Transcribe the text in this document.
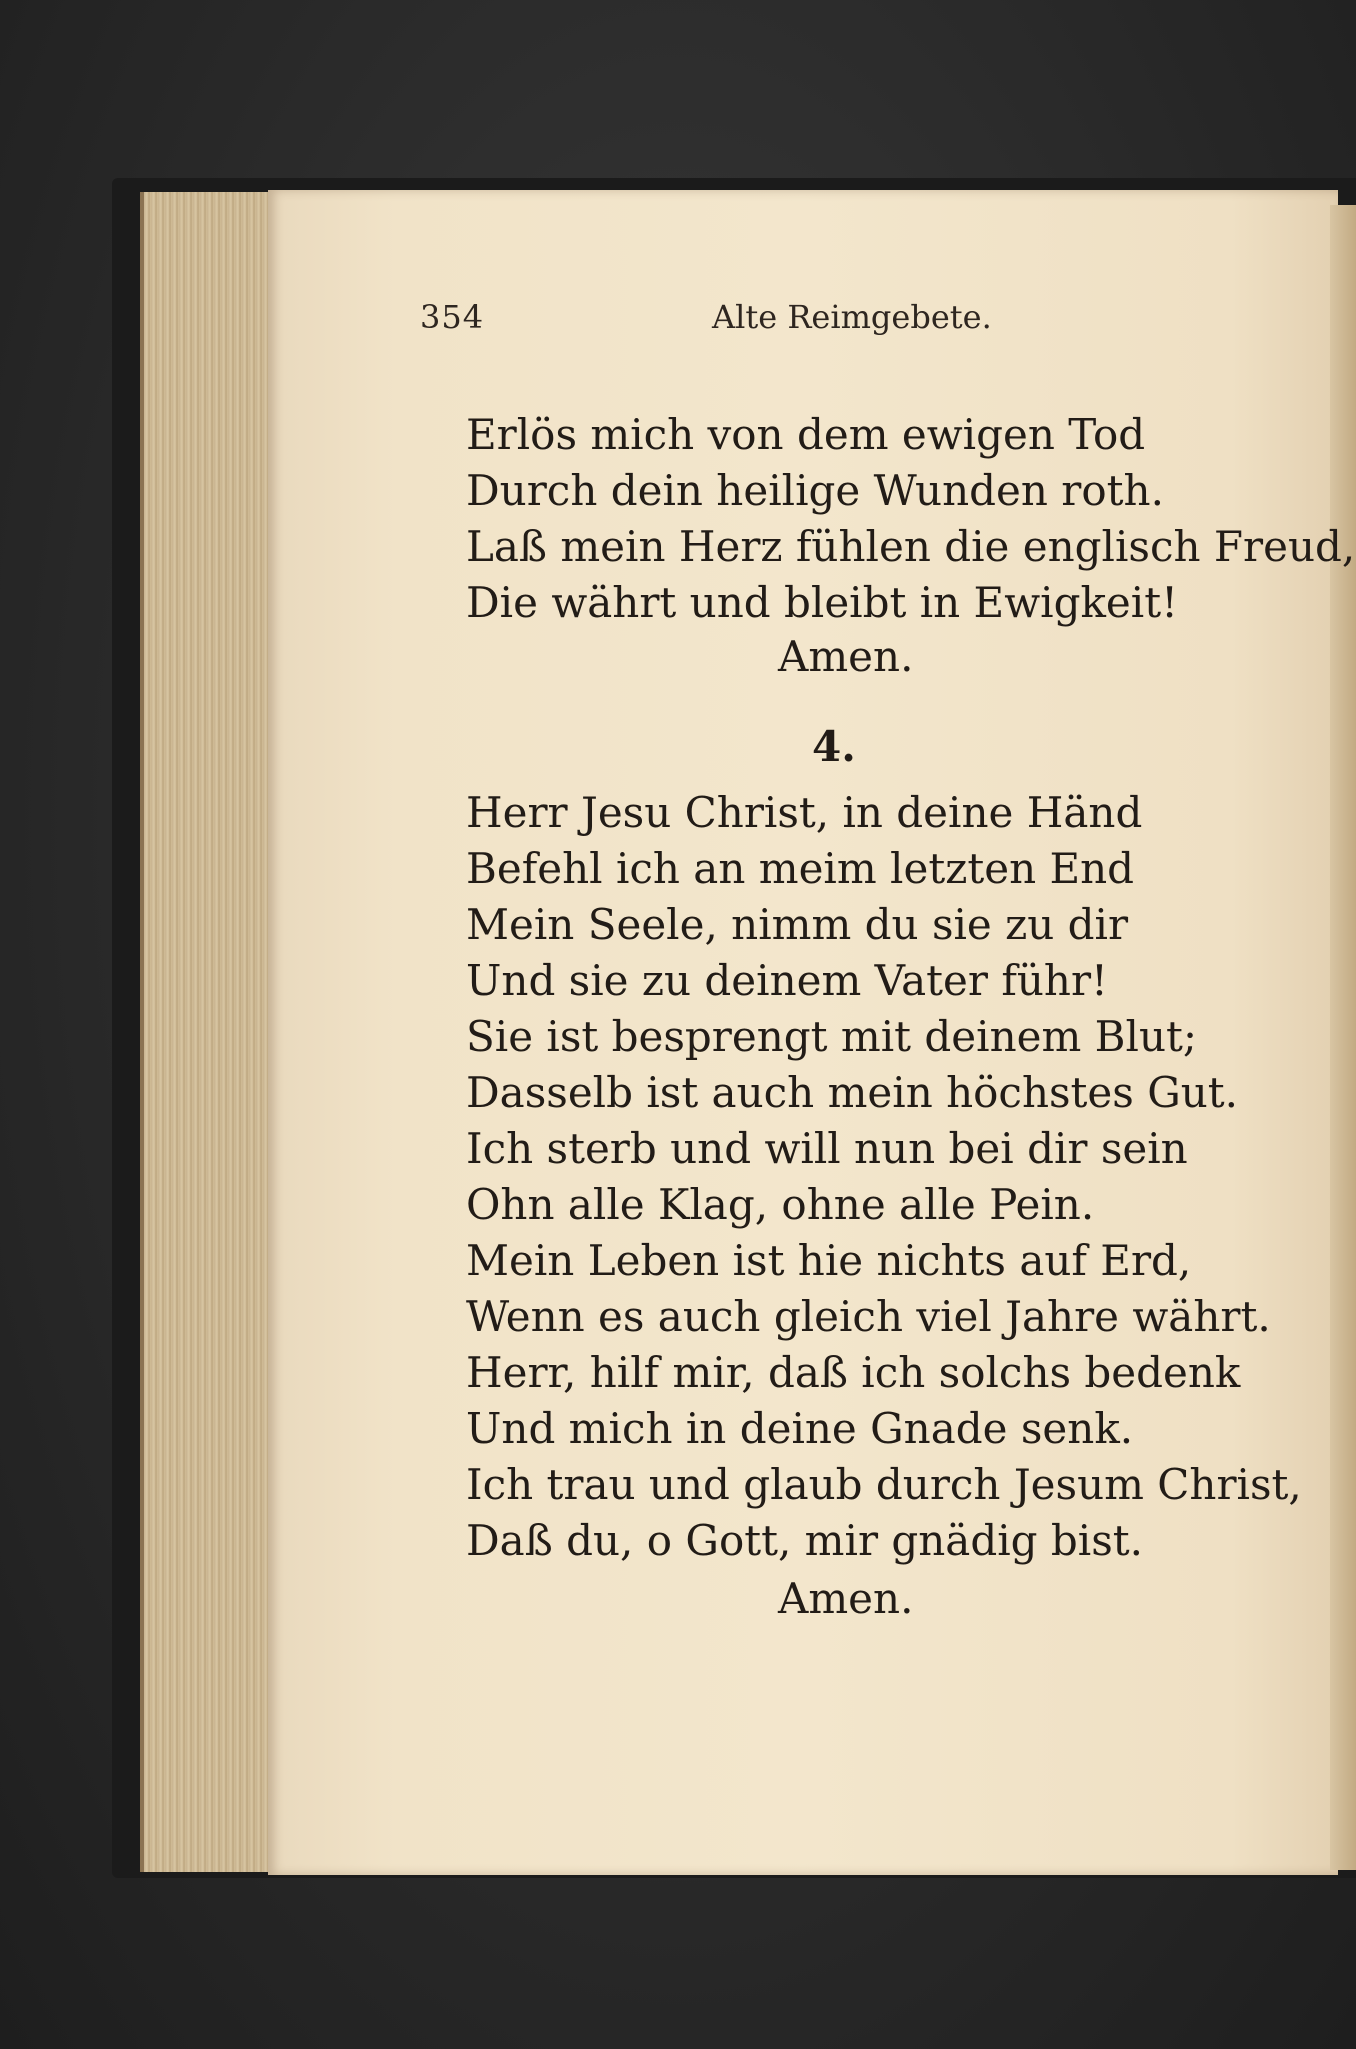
354	Alte Reimgebete.
Erlös mich von dem ewigen Tod
Durch dein heilige Wunden roth.
Laß mein Herz fühlen die englisch Freud,
Die währt und bleibt in Ewigkeit!
Amen.
4.
Herr Jesu Christ, in deine Händ
Befehl ich an meim letzten End
Mein Seele, nimm du sie zu dir
Und sie zu deinem Vater führ!
Sie ist besprengt mit deinem Blut;
Dasselb ist auch mein höchstes Gut.
Ich sterb und will nun bei dir sein
Ohn alle Klag, ohne alle Pein.
Mein Leben ist hie nichts auf Erd,
Wenn es auch gleich viel Jahre währt.
Herr, hilf mir, daß ich solchs bedenk
Und mich in deine Gnade senk.
Ich trau und glaub durch Jesum Christ,
Daß du, o Gott, mir gnädig bist.
Amen.
